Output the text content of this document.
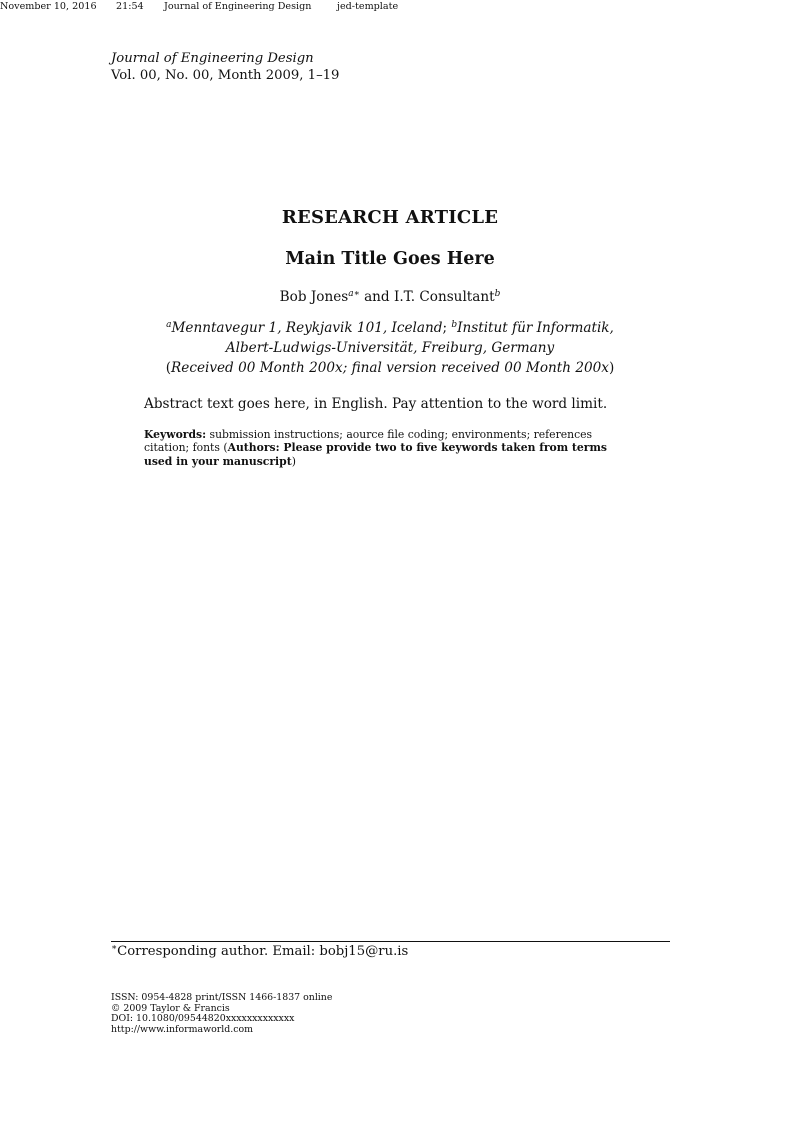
November 10, 2016 21:54 Journal of Engineering Design	jed-template
Journal of Engineering Design
Vol. 00, No. 00, Month 2009, 1–19
RESEARCH ARTICLE
Main Title Goes Here
Bob Jones$^{a∗}$ and I.T. Consultant$^b$
$^a$Menntavegur 1, Reykjavik 101, Iceland; $^b$Institut für Informatik,
Albert-Ludwigs-Universität, Freiburg, Germany
(Received 00 Month 200x; final version received 00 Month 200x)
Abstract text goes here, in English. Pay attention to the word limit.
Keywords: submission instructions; aource file coding; environments; references citation; fonts (Authors: Please provide two to five keywords taken from terms used in your manuscript)
∗Corresponding author. Email: bobj15@ru.is
ISSN: 0954-4828 print/ISSN 1466-1837 online
© 2009 Taylor & Francis
DOI: 10.1080/09544820xxxxxxxxxxxxx
http://www.informaworld.com
